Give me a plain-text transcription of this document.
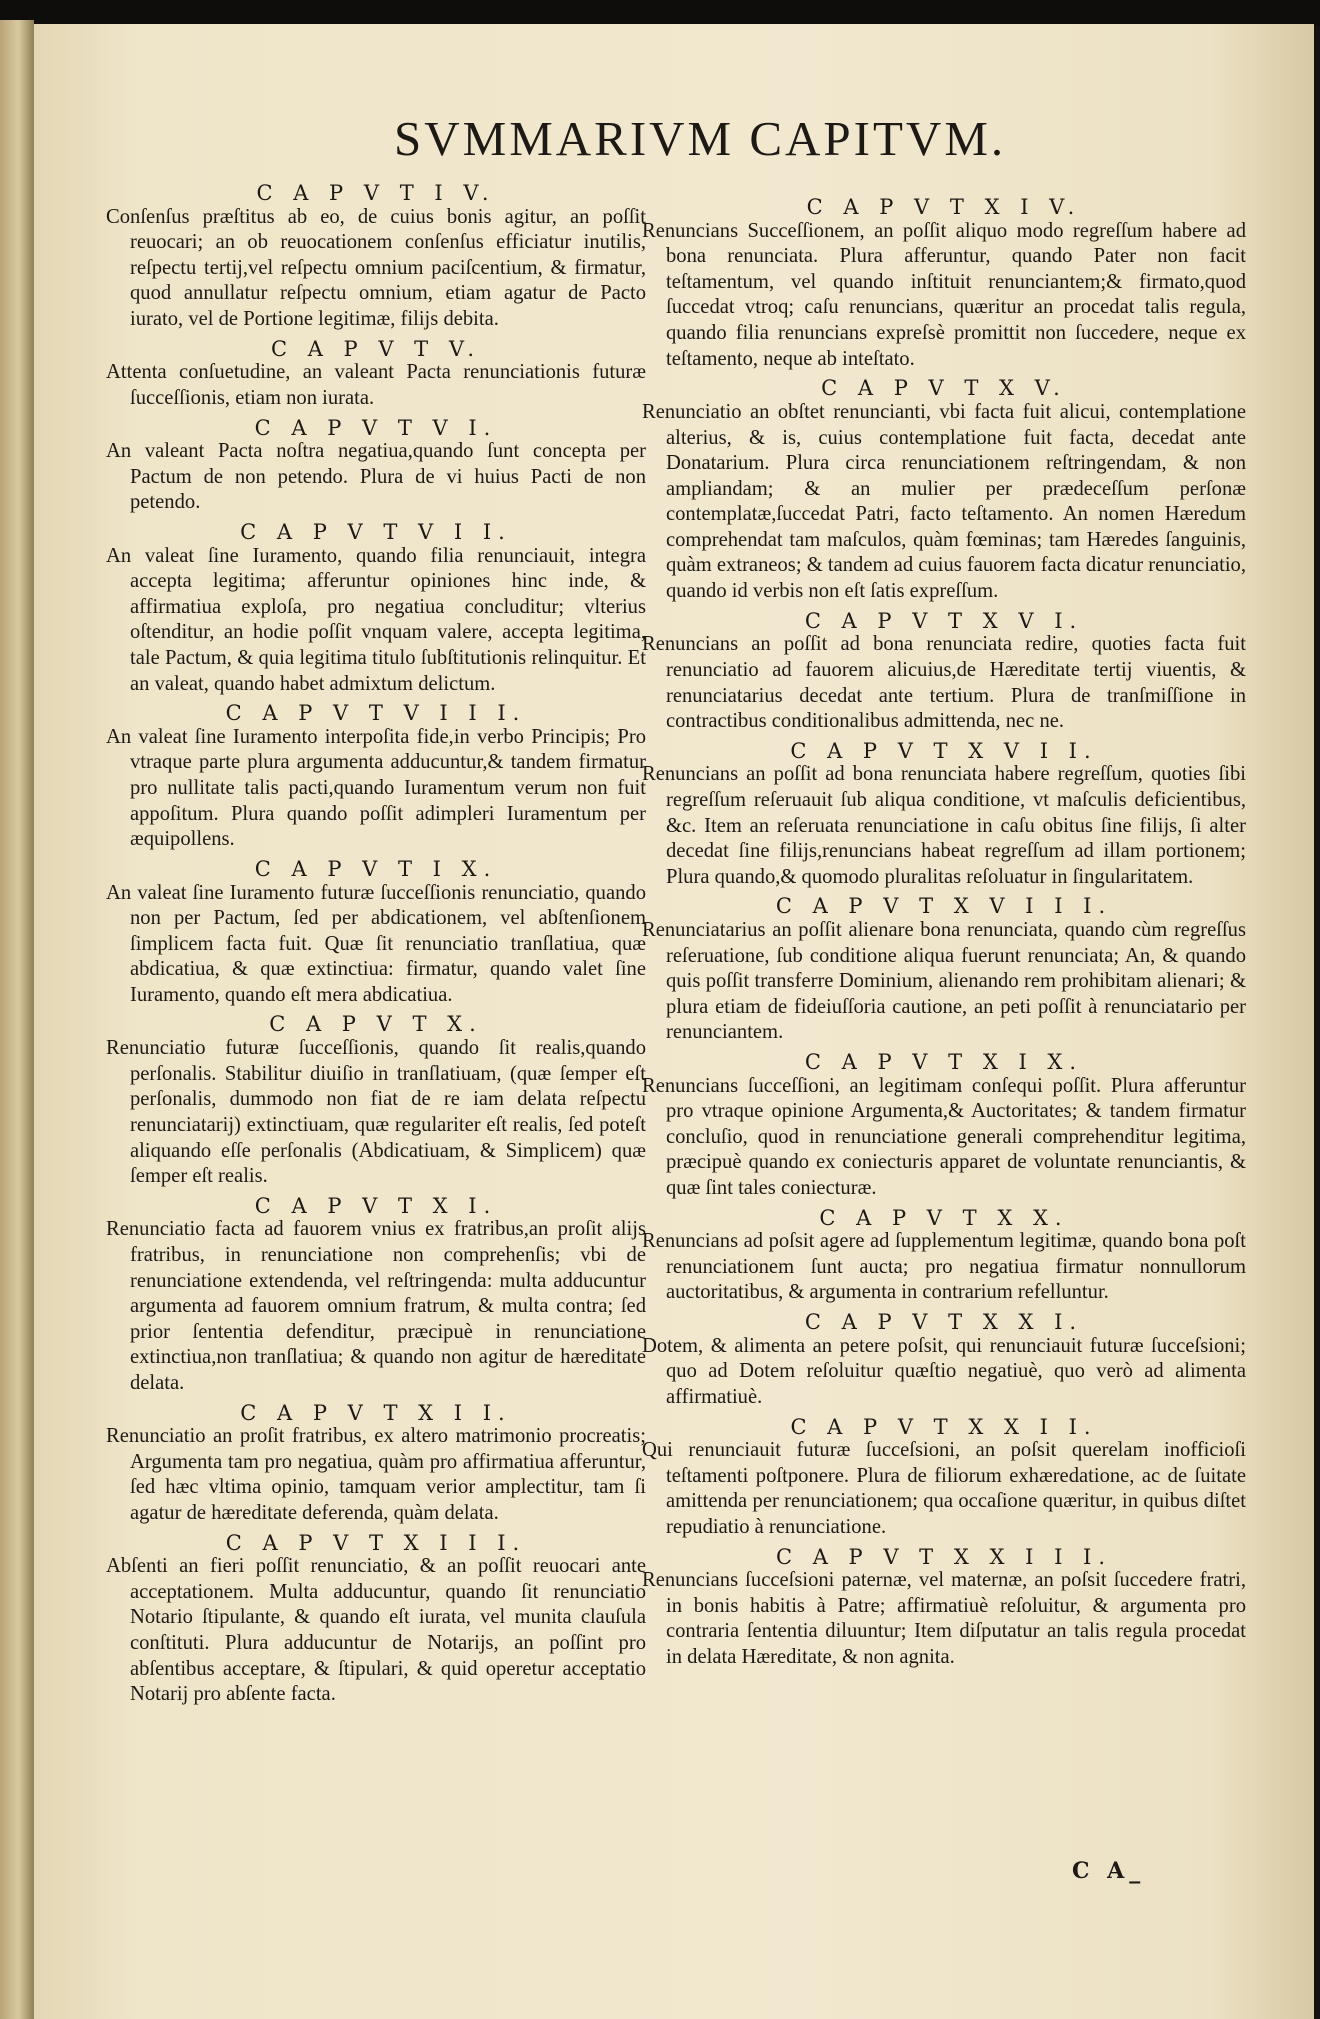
SVMMARIVM CAPITVM.

C A P V T I V.

Conſenſus præſtitus ab eo, de cuius bonis agitur, an poſſit reuocari; an ob reuocationem conſenſus efficiatur inutilis, reſpectu tertij,vel reſpectu omnium paciſcentium, & firmatur, quod annullatur reſpectu omnium, etiam agatur de Pacto iurato, vel de Portione legitimæ, filijs debita.

C A P V T V.

Attenta conſuetudine, an valeant Pacta renunciationis futuræ ſucceſſionis, etiam non iurata.

C A P V T V I.

An valeant Pacta noſtra negatiua,quando ſunt concepta per Pactum de non petendo. Plura de vi huius Pacti de non petendo.

C A P V T V I I.

An valeat ſine Iuramento, quando filia renunciauit, integra accepta legitima; afferuntur opiniones hinc inde, & affirmatiua exploſa, pro negatiua concluditur; vlterius oſtenditur, an hodie poſſit vnquam valere, accepta legitima, tale Pactum, & quia legitima titulo ſubſtitutionis relinquitur. Et an valeat, quando habet admixtum delictum.

C A P V T V I I I.

An valeat ſine Iuramento interpoſita fide,in verbo Principis; Pro vtraque parte plura argumenta adducuntur,& tandem firmatur pro nullitate talis pacti,quando Iuramentum verum non fuit appoſitum. Plura quando poſſit adimpleri Iuramentum per æquipollens.

C A P V T I X.

An valeat ſine Iuramento futuræ ſucceſſionis renunciatio, quando non per Pactum, ſed per abdicationem, vel abſtenſionem ſimplicem facta fuit. Quæ ſit renunciatio tranſlatiua, quæ abdicatiua, & quæ extinctiua: firmatur, quando valet ſine Iuramento, quando eſt mera abdicatiua.

C A P V T X.

Renunciatio futuræ ſucceſſionis, quando ſit realis,quando perſonalis. Stabilitur diuiſio in tranſlatiuam, (quæ ſemper eſt perſonalis, dummodo non fiat de re iam delata reſpectu renunciatarij) extinctiuam, quæ regulariter eſt realis, ſed poteſt aliquando eſſe perſonalis (Abdicatiuam, & Simplicem) quæ ſemper eſt realis.

C A P V T X I.

Renunciatio facta ad fauorem vnius ex fratribus,an proſit alijs fratribus, in renunciatione non comprehenſis; vbi de renunciatione extendenda, vel reſtringenda: multa adducuntur argumenta ad fauorem omnium fratrum, & multa contra; ſed prior ſententia defenditur, præcipuè in renunciatione extinctiua,non tranſlatiua; & quando non agitur de hæreditate delata.

C A P V T X I I.

Renunciatio an proſit fratribus, ex altero matrimonio procreatis; Argumenta tam pro negatiua, quàm pro affirmatiua afferuntur, ſed hæc vltima opinio, tamquam verior amplectitur, tam ſi agatur de hæreditate deferenda, quàm delata.

C A P V T X I I I.

Abſenti an fieri poſſit renunciatio, & an poſſit reuocari ante acceptationem. Multa adducuntur, quando ſit renunciatio Notario ſtipulante, & quando eſt iurata, vel munita clauſula conſtituti. Plura adducuntur de Notarijs, an poſſint pro abſentibus acceptare, & ſtipulari, & quid operetur acceptatio Notarij pro abſente facta.

C A P V T X I V.

Renuncians Succeſſionem, an poſſit aliquo modo regreſſum habere ad bona renunciata. Plura afferuntur, quando Pater non facit teſtamentum, vel quando inſtituit renunciantem;& firmato,quod ſuccedat vtroq; caſu renuncians, quæritur an procedat talis regula, quando filia renuncians expreſsè promittit non ſuccedere, neque ex teſtamento, neque ab inteſtato.

C A P V T X V.

Renunciatio an obſtet renuncianti, vbi facta fuit alicui, contemplatione alterius, & is, cuius contemplatione fuit facta, decedat ante Donatarium. Plura circa renunciationem reſtringendam, & non ampliandam; & an mulier per prædeceſſum perſonæ contemplatæ,ſuccedat Patri, facto teſtamento. An nomen Hæredum comprehendat tam maſculos, quàm fœminas; tam Hæredes ſanguinis, quàm extraneos; & tandem ad cuius fauorem facta dicatur renunciatio, quando id verbis non eſt ſatis expreſſum.

C A P V T X V I.

Renuncians an poſſit ad bona renunciata redire, quoties facta fuit renunciatio ad fauorem alicuius,de Hæreditate tertij viuentis, & renunciatarius decedat ante tertium. Plura de tranſmiſſione in contractibus conditionalibus admittenda, nec ne.

C A P V T X V I I.

Renuncians an poſſit ad bona renunciata habere regreſſum, quoties ſibi regreſſum reſeruauit ſub aliqua conditione, vt maſculis deficientibus, &c. Item an reſeruata renunciatione in caſu obitus ſine filijs, ſi alter decedat ſine filijs,renuncians habeat regreſſum ad illam portionem; Plura quando,& quomodo pluralitas reſoluatur in ſingularitatem.

C A P V T X V I I I.

Renunciatarius an poſſit alienare bona renunciata, quando cùm regreſſus reſeruatione, ſub conditione aliqua fuerunt renunciata; An, & quando quis poſſit transferre Dominium, alienando rem prohibitam alienari; & plura etiam de fideiuſſoria cautione, an peti poſſit à renunciatario per renunciantem.

C A P V T X I X.

Renuncians ſucceſſioni, an legitimam conſequi poſſit. Plura afferuntur pro vtraque opinione Argumenta,& Auctoritates; & tandem firmatur concluſio, quod in renunciatione generali comprehenditur legitima, præcipuè quando ex coniecturis apparet de voluntate renunciantis, & quæ ſint tales coniecturæ.

C A P V T X X.

Renuncians ad poſsit agere ad ſupplementum legitimæ, quando bona poſt renunciationem ſunt aucta; pro negatiua firmatur nonnullorum auctoritatibus, & argumenta in contrarium refelluntur.

C A P V T X X I.

Dotem, & alimenta an petere poſsit, qui renunciauit futuræ ſucceſsioni; quo ad Dotem reſoluitur quæſtio negatiuè, quo verò ad alimenta affirmatiuè.

C A P V T X X I I.

Qui renunciauit futuræ ſucceſsioni, an poſsit querelam inofficioſi teſtamenti poſtponere. Plura de filiorum exhæredatione, ac de ſuitate amittenda per renunciationem; qua occaſione quæritur, in quibus diſtet repudiatio à renunciatione.

C A P V T X X I I I.

Renuncians ſucceſsioni paternæ, vel maternæ, an poſsit ſuccedere fratri, in bonis habitis à Patre; affirmatiuè reſoluitur, & argumenta pro contraria ſententia diluuntur; Item diſputatur an talis regula procedat in delata Hæreditate, & non agnita.

C A_
